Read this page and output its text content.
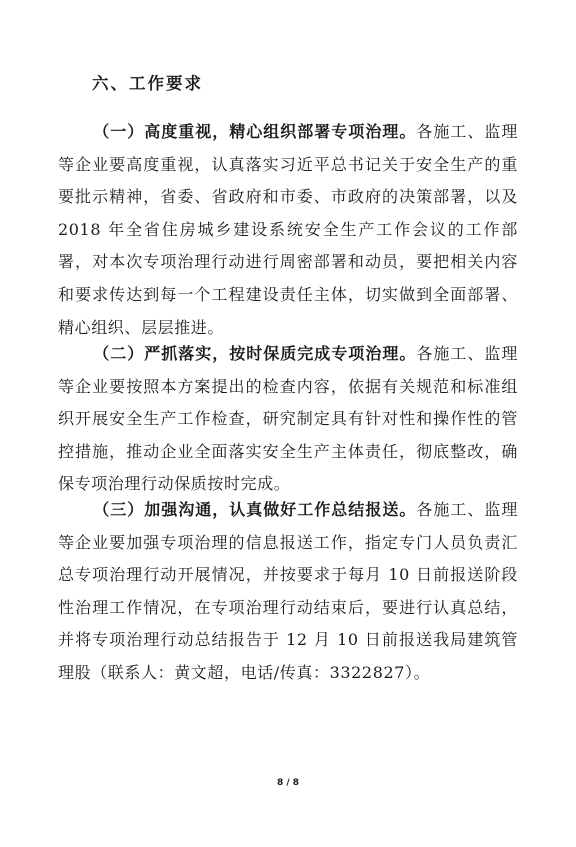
六、工作要求

（一）高度重视，精心组织部署专项治理。各施工、监理等企业要高度重视，认真落实习近平总书记关于安全生产的重要批示精神，省委、省政府和市委、市政府的决策部署，以及 2018 年全省住房城乡建设系统安全生产工作会议的工作部署，对本次专项治理行动进行周密部署和动员，要把相关内容和要求传达到每一个工程建设责任主体，切实做到全面部署、精心组织、层层推进。

（二）严抓落实，按时保质完成专项治理。各施工、监理等企业要按照本方案提出的检查内容，依据有关规范和标准组织开展安全生产工作检查，研究制定具有针对性和操作性的管控措施，推动企业全面落实安全生产主体责任，彻底整改，确保专项治理行动保质按时完成。

（三）加强沟通，认真做好工作总结报送。各施工、监理等企业要加强专项治理的信息报送工作，指定专门人员负责汇总专项治理行动开展情况，并按要求于每月 10 日前报送阶段性治理工作情况，在专项治理行动结束后，要进行认真总结，并将专项治理行动总结报告于 12 月 10 日前报送我局建筑管理股（联系人：黄文超，电话/传真：3322827）。

8 / 8
